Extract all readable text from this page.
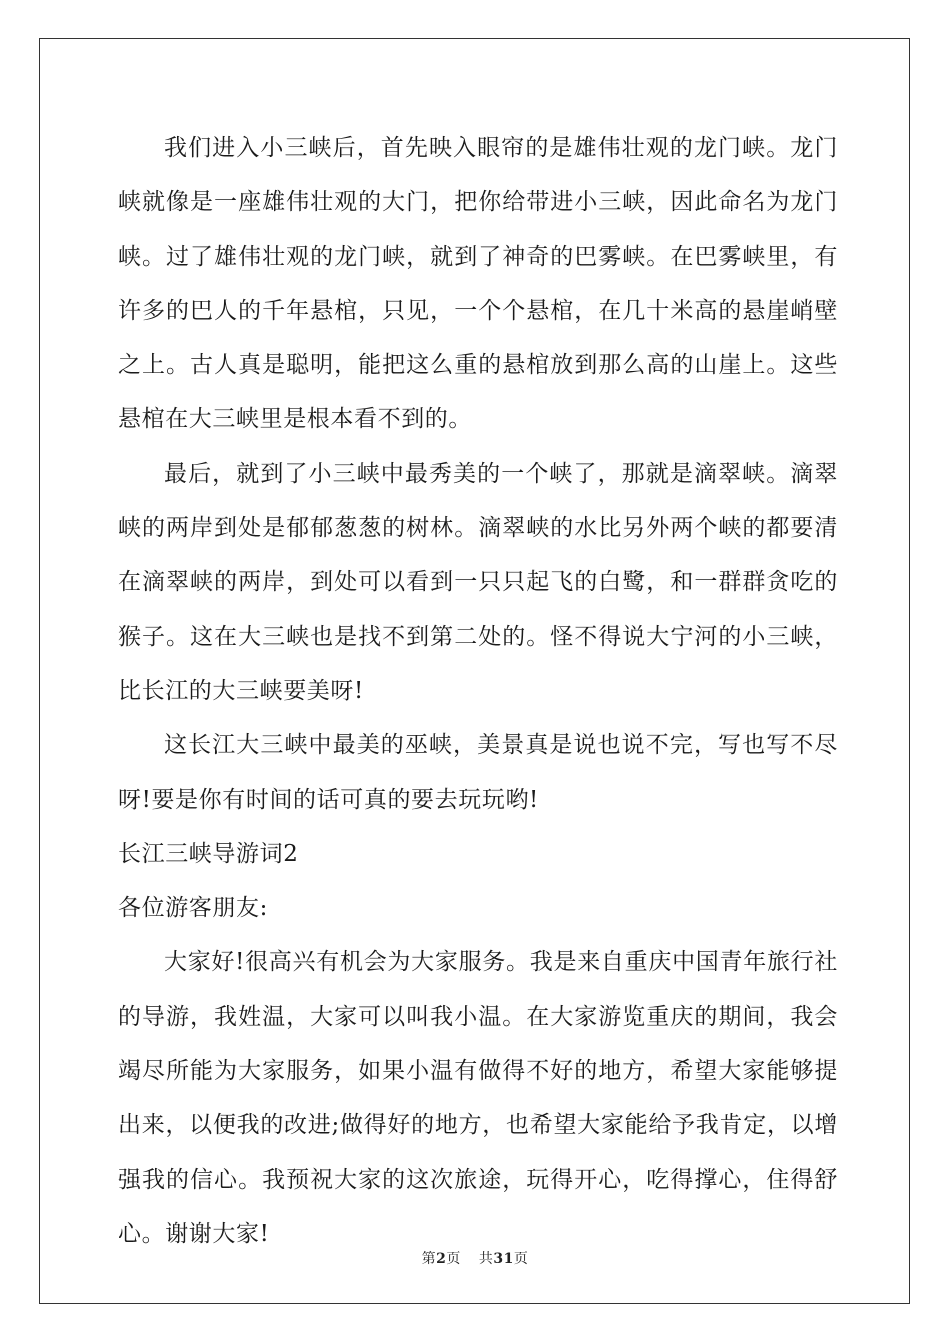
我们进入小三峡后，首先映入眼帘的是雄伟壮观的龙门峡。龙门峡就像是一座雄伟壮观的大门，把你给带进小三峡，因此命名为龙门峡。过了雄伟壮观的龙门峡，就到了神奇的巴雾峡。在巴雾峡里，有许多的巴人的千年悬棺，只见，一个个悬棺，在几十米高的悬崖峭壁之上。古人真是聪明，能把这么重的悬棺放到那么高的山崖上。这些悬棺在大三峡里是根本看不到的。

最后，就到了小三峡中最秀美的一个峡了，那就是滴翠峡。滴翠峡的两岸到处是郁郁葱葱的树林。滴翠峡的水比另外两个峡的都要清在滴翠峡的两岸，到处可以看到一只只起飞的白鹭，和一群群贪吃的猴子。这在大三峡也是找不到第二处的。怪不得说大宁河的小三峡，比长江的大三峡要美呀!

这长江大三峡中最美的巫峡，美景真是说也说不完，写也写不尽呀!要是你有时间的话可真的要去玩玩哟!

长江三峡导游词2

各位游客朋友:

大家好!很高兴有机会为大家服务。我是来自重庆中国青年旅行社的导游，我姓温，大家可以叫我小温。在大家游览重庆的期间，我会竭尽所能为大家服务，如果小温有做得不好的地方，希望大家能够提出来，以便我的改进;做得好的地方，也希望大家能给予我肯定，以增强我的信心。我预祝大家的这次旅途，玩得开心，吃得撑心，住得舒心。谢谢大家!

第2页 共31页
